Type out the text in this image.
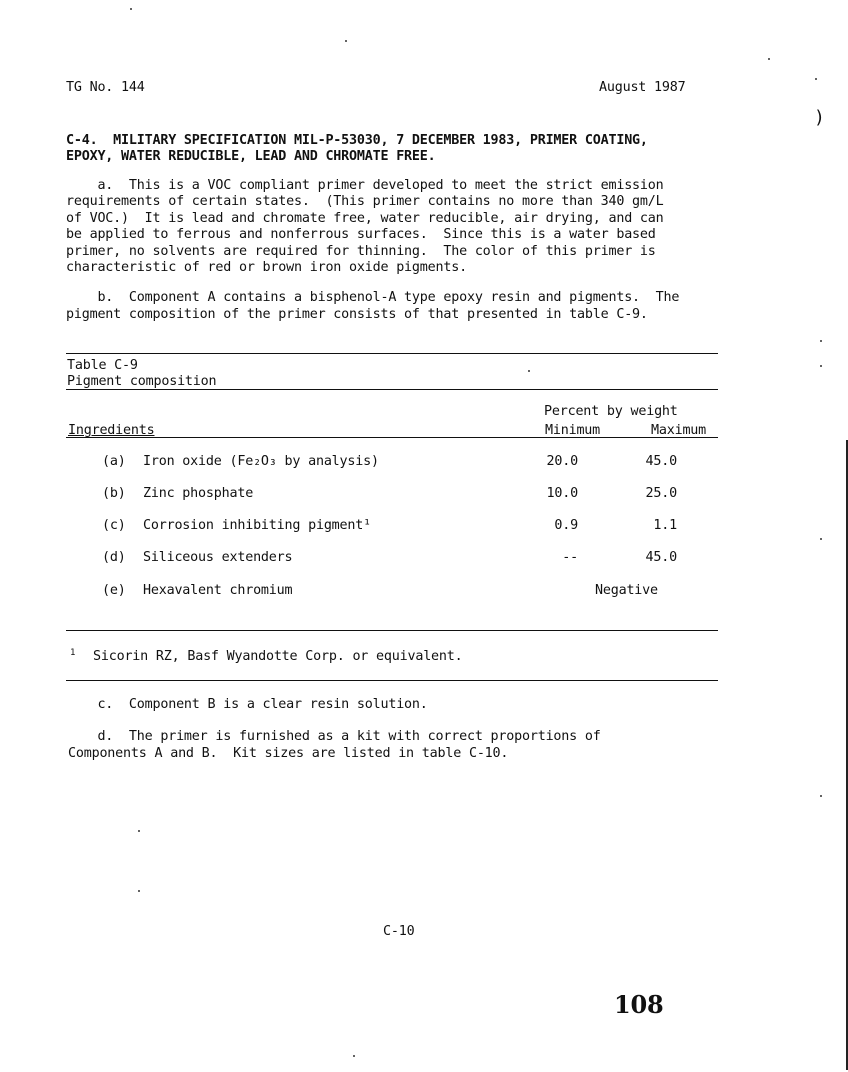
)
TG No. 144	August 1987
C-4.  MILITARY SPECIFICATION MIL-P-53030, 7 DECEMBER 1983, PRIMER COATING,
EPOXY, WATER REDUCIBLE, LEAD AND CHROMATE FREE.
a.  This is a VOC compliant primer developed to meet the strict emission
requirements of certain states.  (This primer contains no more than 340 gm/L
of VOC.)  It is lead and chromate free, water reducible, air drying, and can
be applied to ferrous and nonferrous surfaces.  Since this is a water based
primer, no solvents are required for thinning.  The color of this primer is
characteristic of red or brown iron oxide pigments.
b.  Component A contains a bisphenol-A type epoxy resin and pigments.  The
pigment composition of the primer consists of that presented in table C-9.
Table C-9
Pigment composition
Percent by weight
Ingredients	Minimum	Maximum
(a) Iron oxide (Fe₂O₃ by analysis)	20.0	45.0
(b) Zinc phosphate	10.0	25.0
(c) Corrosion inhibiting pigment¹	0.9	1.1
(d) Siliceous extenders	--	45.0
(e) Hexavalent chromium	Negative
1 Sicorin RZ, Basf Wyandotte Corp. or equivalent.
c.  Component B is a clear resin solution.
d.  The primer is furnished as a kit with correct proportions of
Components A and B.  Kit sizes are listed in table C-10.
C-10
108
